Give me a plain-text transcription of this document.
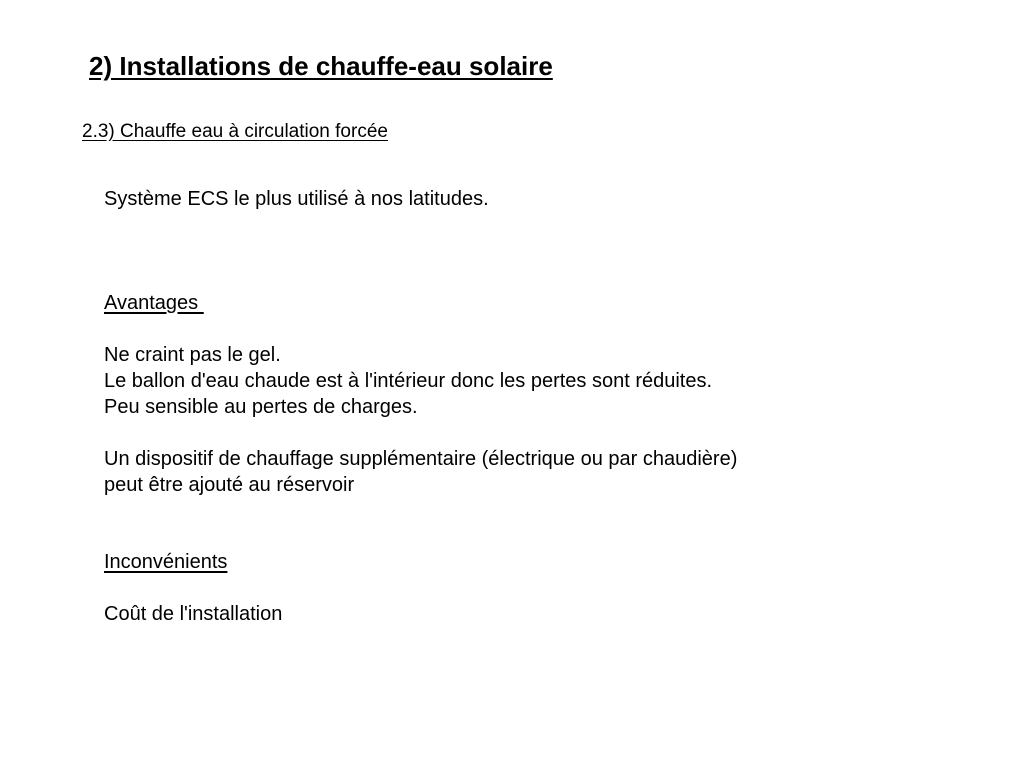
2) Installations de chauffe-eau solaire
2.3) Chauffe eau à circulation forcée
Système ECS le plus utilisé à nos latitudes.
Avantages
Ne craint pas le gel.
Le ballon d'eau chaude est à l'intérieur donc les pertes sont réduites.
Peu sensible au pertes de charges.
Un dispositif de chauffage supplémentaire (électrique ou par chaudière)
peut être ajouté au réservoir
Inconvénients
Coût de l'installation
